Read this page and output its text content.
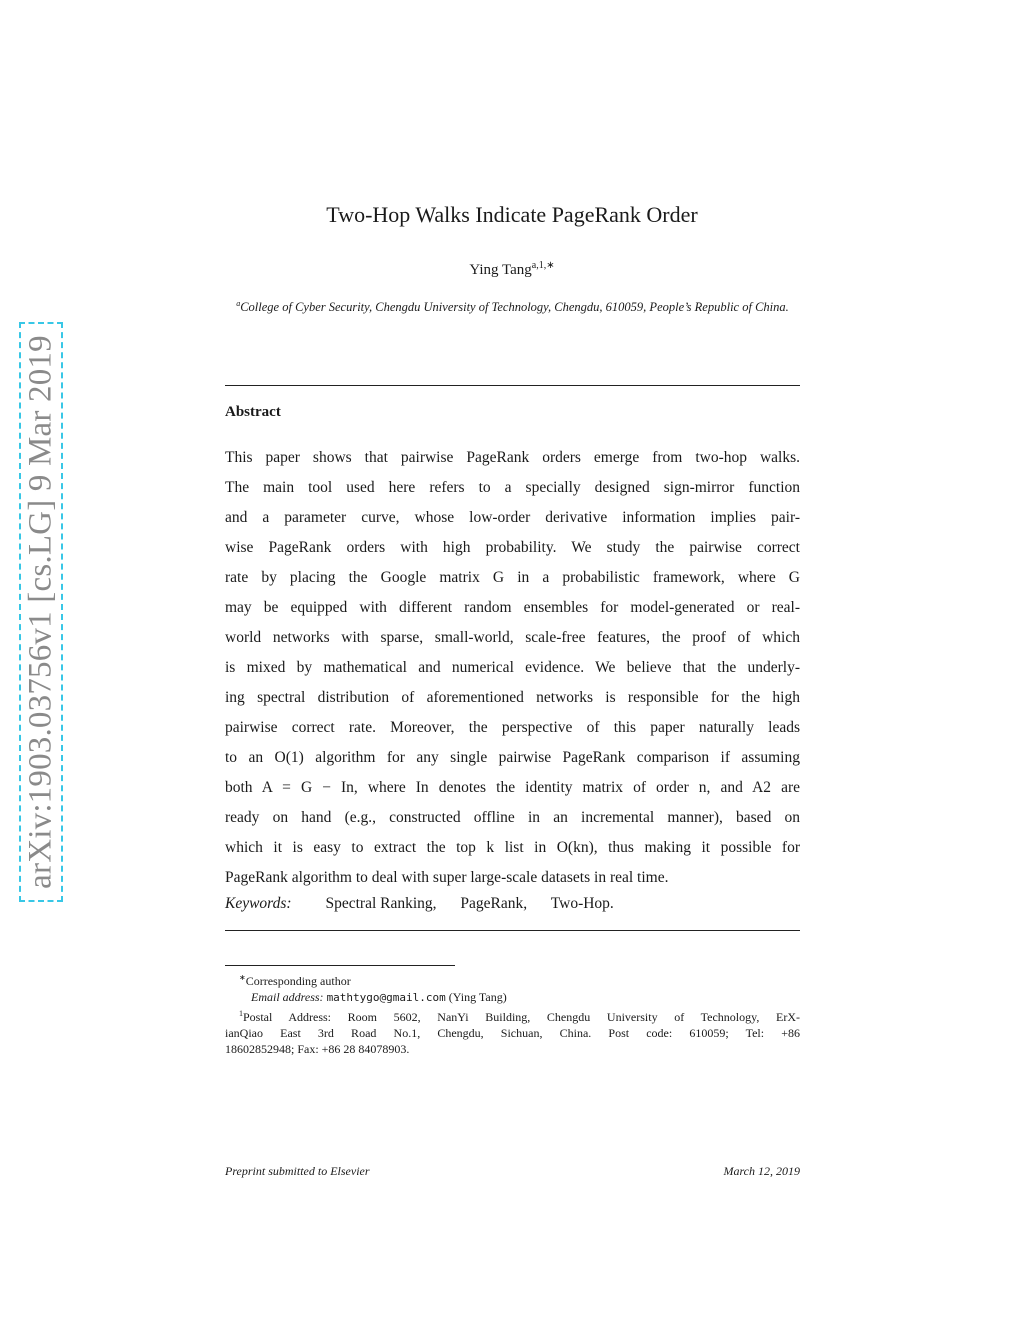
arXiv:1903.03756v1 [cs.LG] 9 Mar 2019
Two-Hop Walks Indicate PageRank Order
Ying Tang$^{a,1,∗}$
$^a$College of Cyber Security, Chengdu University of Technology, Chengdu, 610059, People’s Republic of China.
Abstract
This paper shows that pairwise PageRank orders emerge from two-hop walks.
The main tool used here refers to a specially designed sign-mirror function
and a parameter curve, whose low-order derivative information implies pair-
wise PageRank orders with high probability. We study the pairwise correct
rate by placing the Google matrix G in a probabilistic framework, where G
may be equipped with different random ensembles for model-generated or real-
world networks with sparse, small-world, scale-free features, the proof of which
is mixed by mathematical and numerical evidence. We believe that the underly-
ing spectral distribution of aforementioned networks is responsible for the high
pairwise correct rate. Moreover, the perspective of this paper naturally leads
to an O(1) algorithm for any single pairwise PageRank comparison if assuming
both A = G − In, where In denotes the identity matrix of order n, and A2 are
ready on hand (e.g., constructed offline in an incremental manner), based on
which it is easy to extract the top k list in O(kn), thus making it possible for
PageRank algorithm to deal with super large-scale datasets in real time.
Keywords: Spectral Ranking, PageRank, Two-Hop.
∗Corresponding author
Email address: mathtygo@gmail.com (Ying Tang)
$^1$Postal Address: Room 5602, NanYi Building, Chengdu University of Technology, ErX-
ianQiao East 3rd Road No.1, Chengdu, Sichuan, China. Post code: 610059; Tel: +86
18602852948; Fax: +86 28 84078903.
Preprint submitted to Elsevier	March 12, 2019
